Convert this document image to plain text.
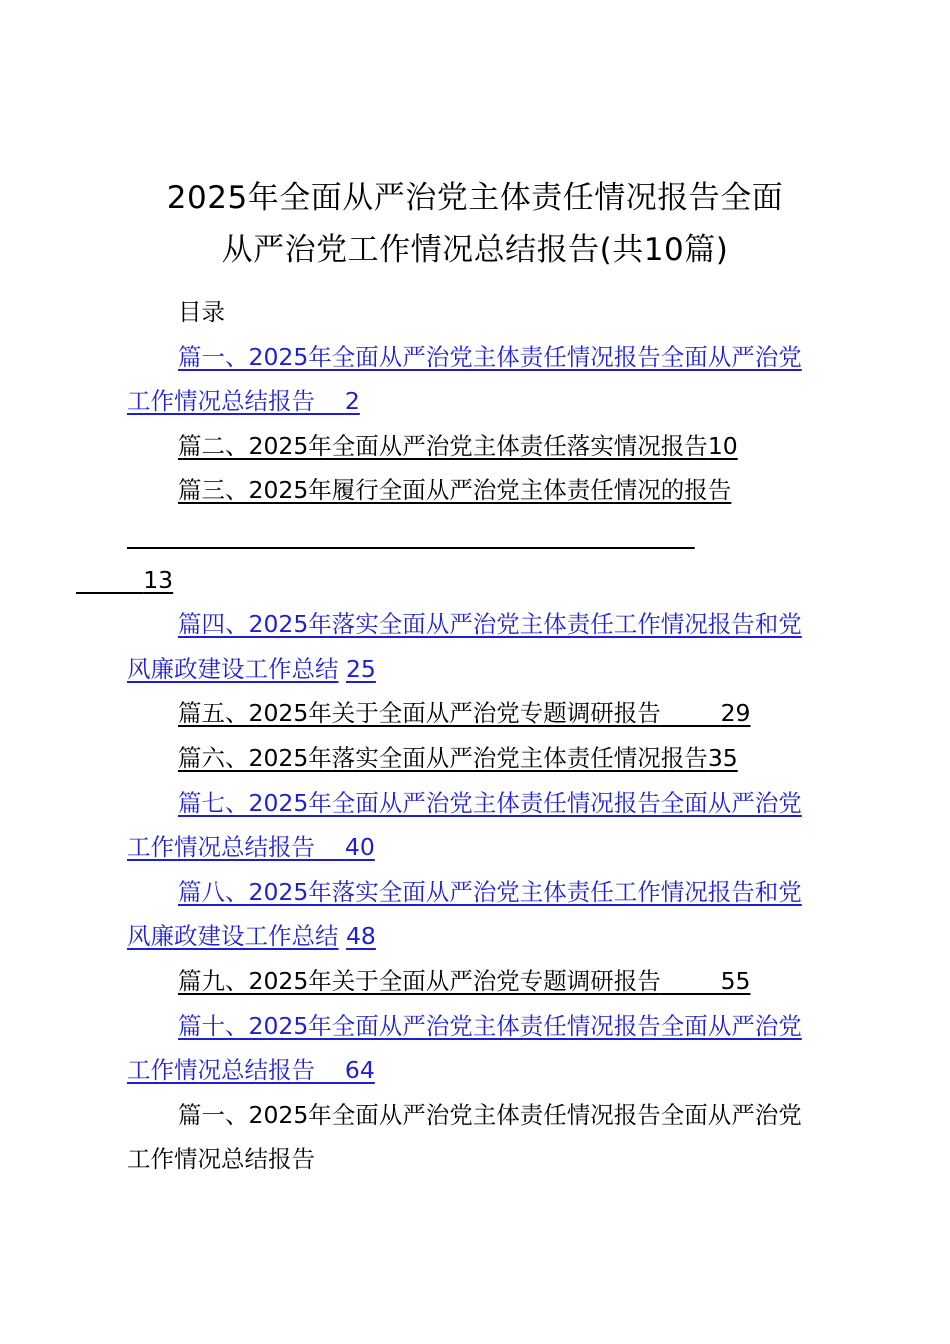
2025年全面从严治党主体责任情况报告全面
从严治党工作情况总结报告(共10篇)

目录

篇一、2025年全面从严治党主体责任情况报告全面从严治党工作情况总结报告 2

篇二、2025年全面从严治党主体责任落实情况报告10

篇三、2025年履行全面从严治党主体责任情况的报告
13

篇四、2025年落实全面从严治党主体责任工作情况报告和党风廉政建设工作总结 25

篇五、2025年关于全面从严治党专题调研报告	29

篇六、2025年落实全面从严治党主体责任情况报告35

篇七、2025年全面从严治党主体责任情况报告全面从严治党工作情况总结报告 40

篇八、2025年落实全面从严治党主体责任工作情况报告和党风廉政建设工作总结 48

篇九、2025年关于全面从严治党专题调研报告	55

篇十、2025年全面从严治党主体责任情况报告全面从严治党工作情况总结报告 64

篇一、2025年全面从严治党主体责任情况报告全面从严治党工作情况总结报告
